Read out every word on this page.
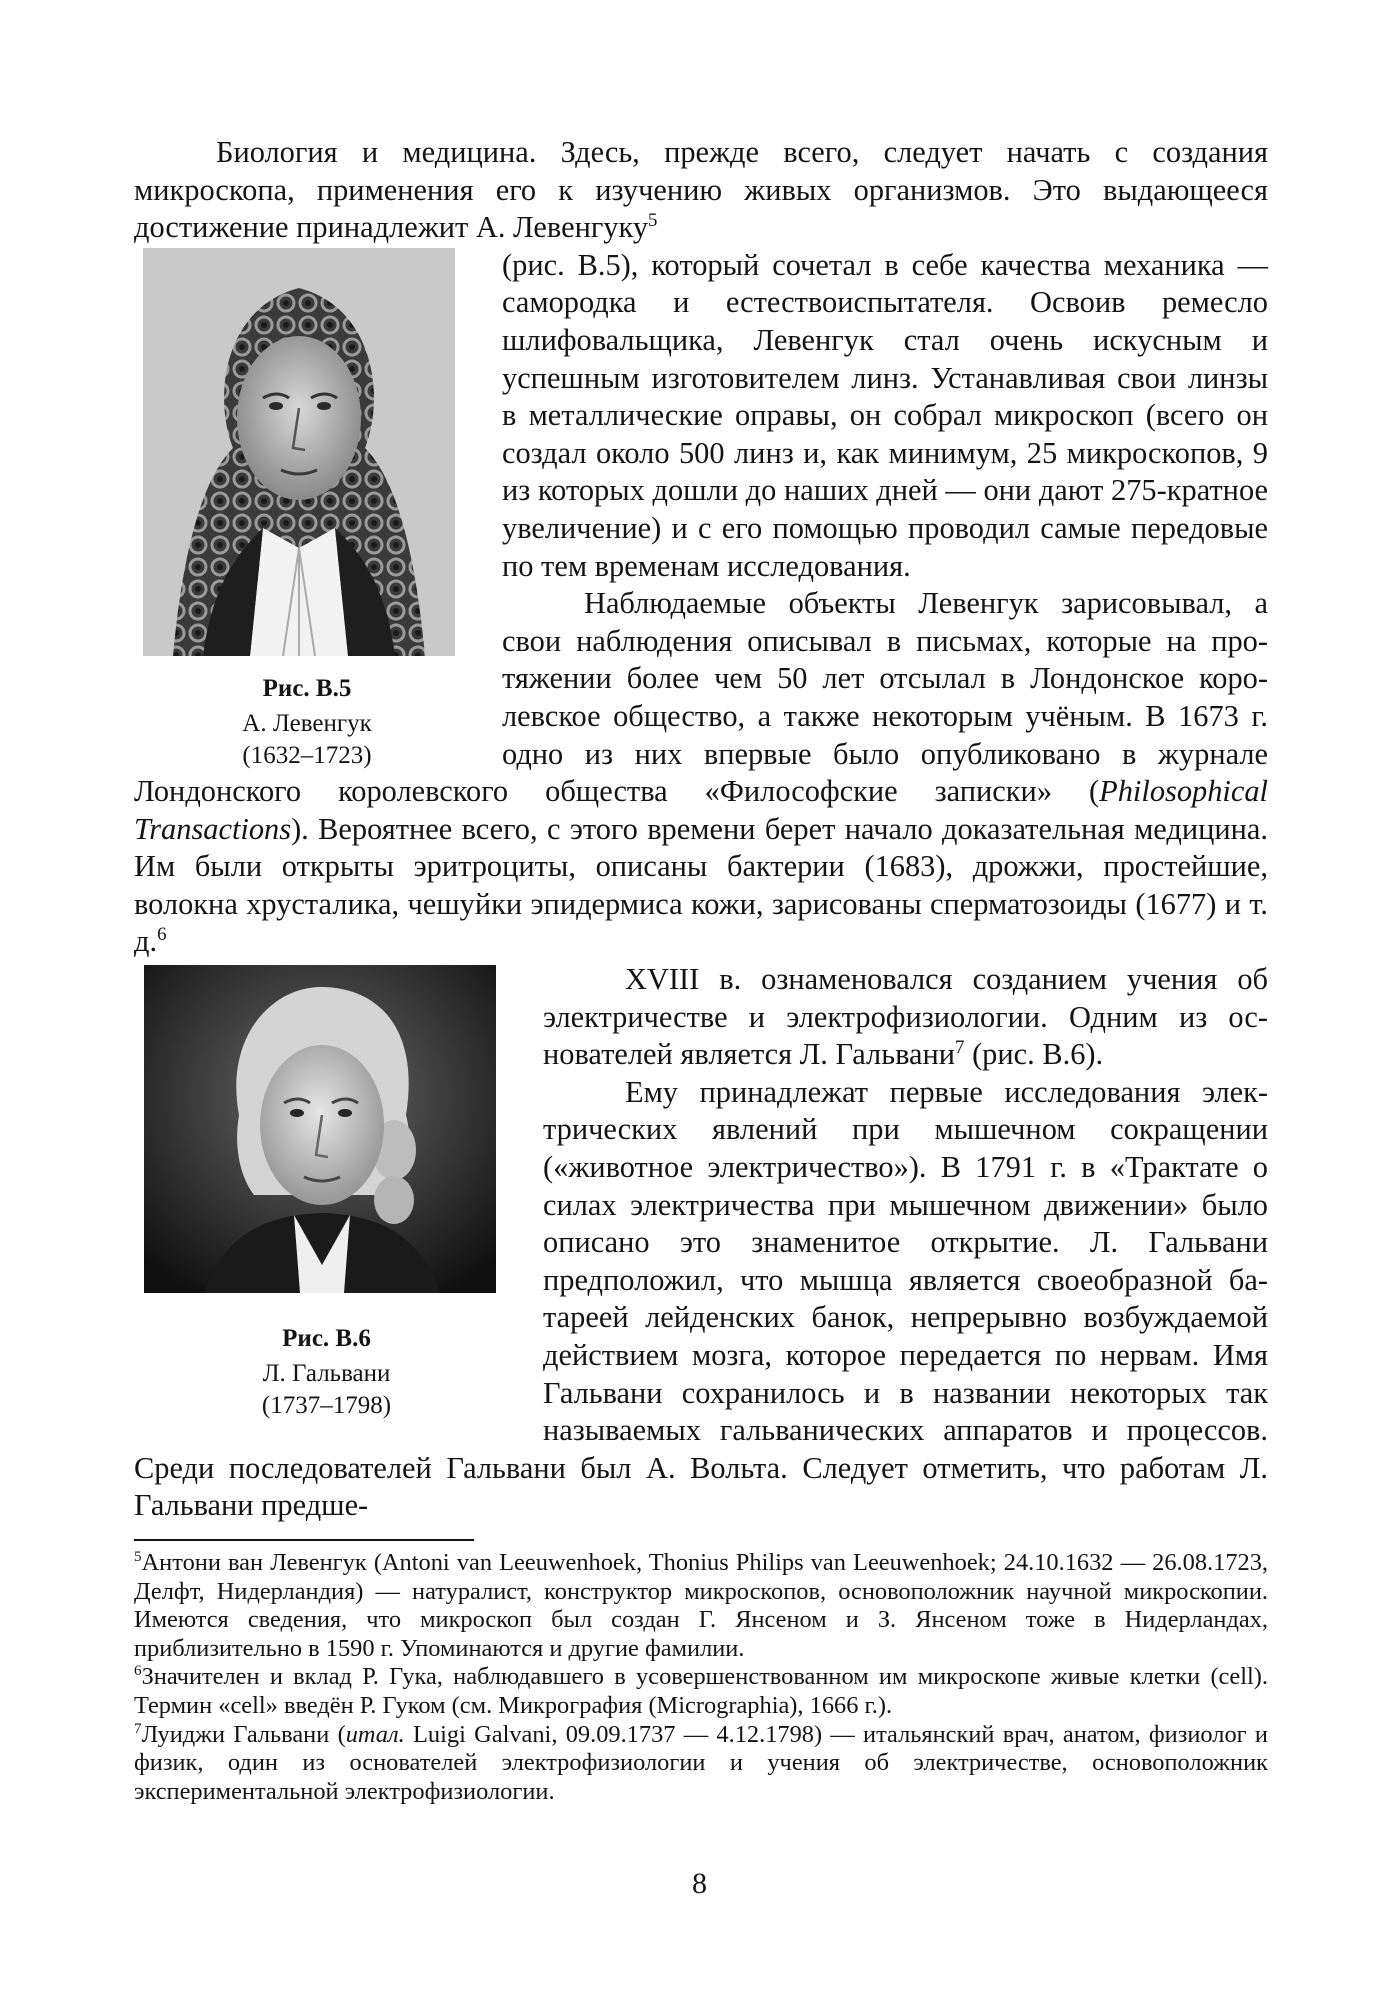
Биология и медицина. Здесь, прежде всего, следует начать с создания микроскопа, применения его к изучению живых организмов. Это выдающееся достижение принадлежит А. Левенгуку$^5$

Рис. В.5
А. Левенгук
(1632–1723)
(рис. В.5), который сочетал в себе качества механика — самородка и естествоиспытателя. Освоив ремесло шлифовальщика, Левенгук стал очень искусным и успешным изготовителем линз. Устанавливая свои линзы в металлические оправы, он собрал микроскоп (всего он создал около 500 линз и, как минимум, 25 микроскопов, 9 из которых дошли до наших дней — они дают 275-кратное увеличение) и с его помощью проводил самые передовые по тем временам исследования.

Наблюдаемые объекты Левенгук зарисовывал, а свои наблюдения описывал в письмах, которые на протяжении более чем 50 лет отсылал в Лондонское королевское общество, а также некоторым учёным. В 1673 г. одно из них впервые было опубликовано в журнале Лондонского королевского общества «Философские записки» (Philosophical Transactions). Вероятнее всего, с этого времени берет начало доказательная медицина. Им были открыты эритроциты, описаны бактерии (1683), дрожжи, простейшие, волокна хрусталика, чешуйки эпидермиса кожи, зарисованы сперматозоиды (1677) и т. д.$^6$

Рис. В.6
Л. Гальвани
(1737–1798)

XVIII в. ознаменовался созданием учения об электричестве и электрофизиологии. Одним из основателей является Л. Гальвани$^7$ (рис. В.6).

Ему принадлежат первые исследования электрических явлений при мышечном сокращении («животное электричество»). В 1791 г. в «Трактате о силах электричества при мышечном движении» было описано это знаменитое открытие. Л. Гальвани предположил, что мышца является своеобразной батареей лейденских банок, непрерывно возбуждаемой действием мозга, которое передается по нервам. Имя Гальвани сохранилось и в названии некоторых так называемых гальванических аппаратов и процессов. Среди последователей Гальвани был А. Вольта. Следует отметить, что работам Л. Гальвани предше-

$^5$Антони ван Левенгук (Antoni van Leeuwenhoek, Thonius Philips van Leeuwenhoek; 24.10.1632 — 26.08.1723, Делфт, Нидерландия) — натуралист, конструктор микроскопов, основоположник научной микроскопии. Имеются сведения, что микроскоп был создан Г. Янсеном и З. Янсеном тоже в Нидерландах, приблизительно в 1590 г. Упоминаются и другие фамилии.

$^6$Значителен и вклад Р. Гука, наблюдавшего в усовершенствованном им микроскопе живые клетки (cell). Термин «cell» введён Р. Гуком (см. Микрография (Micrographia), 1666 г.).

$^7$Луиджи Гальвани (итал. Luigi Galvani, 09.09.1737 — 4.12.1798) — итальянский врач, анатом, физиолог и физик, один из основателей электрофизиологии и учения об электричестве, основоположник экспериментальной электрофизиологии.

8
